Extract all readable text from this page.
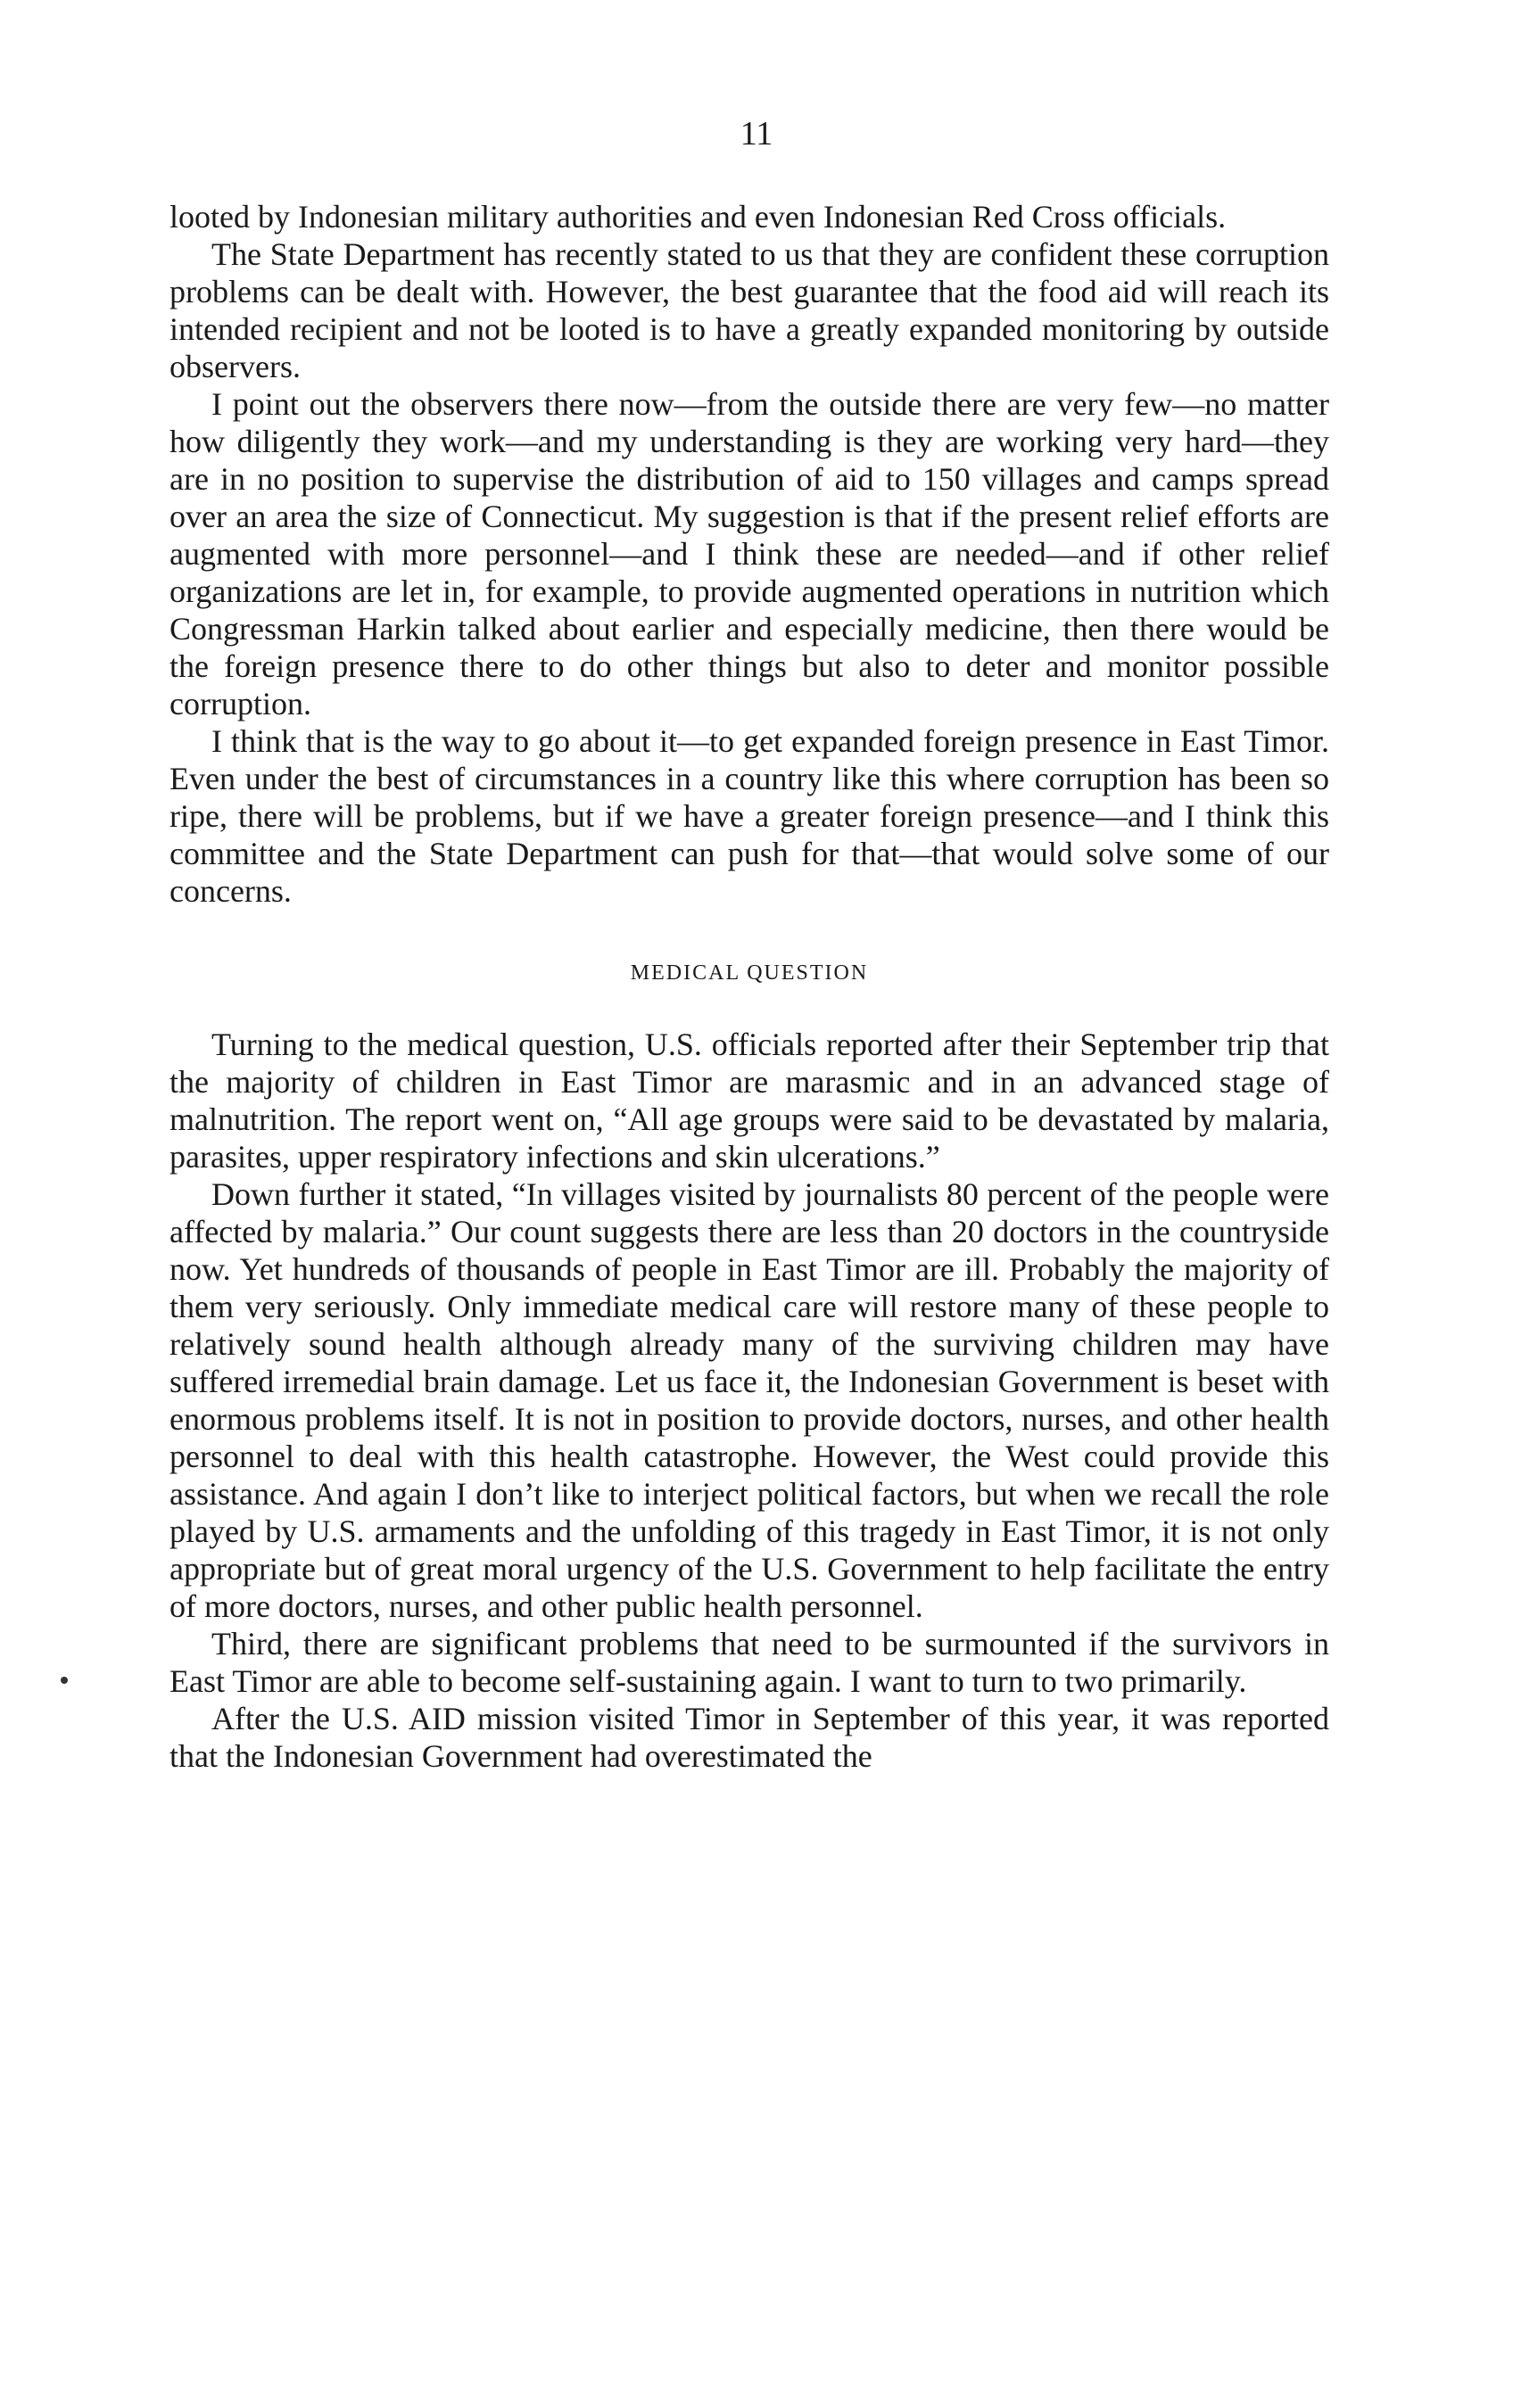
11

looted by Indonesian military authorities and even Indonesian Red Cross officials.

The State Department has recently stated to us that they are confident these corruption problems can be dealt with. However, the best guarantee that the food aid will reach its intended recipient and not be looted is to have a greatly expanded monitoring by outside observers.

I point out the observers there now—from the outside there are very few—no matter how diligently they work—and my understanding is they are working very hard—they are in no position to supervise the distribution of aid to 150 villages and camps spread over an area the size of Connecticut. My suggestion is that if the present relief efforts are augmented with more personnel—and I think these are needed—and if other relief organizations are let in, for example, to provide augmented operations in nutrition which Congressman Harkin talked about earlier and especially medicine, then there would be the foreign presence there to do other things but also to deter and monitor possible corruption.

I think that is the way to go about it—to get expanded foreign presence in East Timor. Even under the best of circumstances in a country like this where corruption has been so ripe, there will be problems, but if we have a greater foreign presence—and I think this committee and the State Department can push for that—that would solve some of our concerns.

MEDICAL QUESTION

Turning to the medical question, U.S. officials reported after their September trip that the majority of children in East Timor are marasmic and in an advanced stage of malnutrition. The report went on, “All age groups were said to be devastated by malaria, parasites, upper respiratory infections and skin ulcerations.”

Down further it stated, “In villages visited by journalists 80 percent of the people were affected by malaria.” Our count suggests there are less than 20 doctors in the countryside now. Yet hundreds of thousands of people in East Timor are ill. Probably the majority of them very seriously. Only immediate medical care will restore many of these people to relatively sound health although already many of the surviving children may have suffered irremedial brain damage. Let us face it, the Indonesian Government is beset with enormous problems itself. It is not in position to provide doctors, nurses, and other health personnel to deal with this health catastrophe. However, the West could provide this assistance. And again I don’t like to interject political factors, but when we recall the role played by U.S. armaments and the unfolding of this tragedy in East Timor, it is not only appropriate but of great moral urgency of the U.S. Government to help facilitate the entry of more doctors, nurses, and other public health personnel.

Third, there are significant problems that need to be surmounted if the survivors in East Timor are able to become self-sustaining again. I want to turn to two primarily.

After the U.S. AID mission visited Timor in September of this year, it was reported that the Indonesian Government had overestimated the
